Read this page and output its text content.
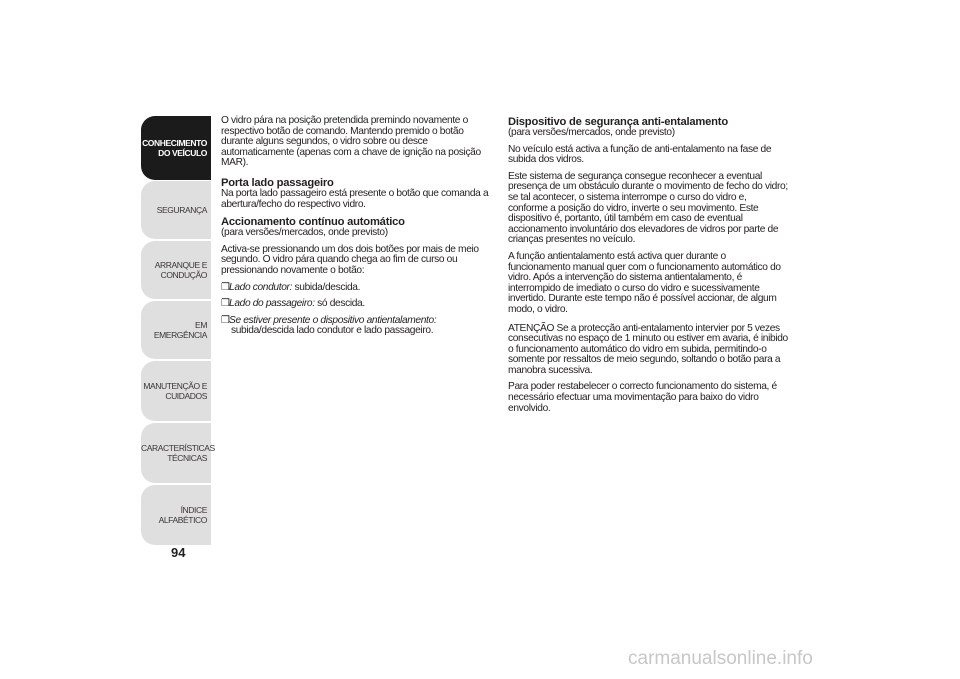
CONHECIMENTO
DO VEÍCULO
SEGURANÇA
ARRANQUE E
CONDUÇÃO
EM EMERGÊNCIA
MANUTENÇÃO E
CUIDADOS
CARACTERÍSTICAS
TÉCNICAS
ÍNDICE ALFABÉTICO
94

O vidro pára na posição pretendida premindo novamente o respectivo botão de comando. Mantendo premido o botão durante alguns segundos, o vidro sobre ou desce automaticamente (apenas com a chave de ignição na posição MAR).

Porta lado passageiro

Na porta lado passageiro está presente o botão que comanda a abertura/fecho do respectivo vidro.

Accionamento contínuo automático

(para versões/mercados, onde previsto)

Activa-se pressionando um dos dois botões por mais de meio segundo. O vidro pára quando chega ao fim de curso ou pressionando novamente o botão:

❒Lado condutor: subida/descida.

❒Lado do passageiro: só descida.

❒Se estiver presente o dispositivo antientalamento: subida/descida lado condutor e lado passageiro.

Dispositivo de segurança anti-entalamento

(para versões/mercados, onde previsto)

No veículo está activa a função de anti-entalamento na fase de subida dos vidros.

Este sistema de segurança consegue reconhecer a eventual presença de um obstáculo durante o movimento de fecho do vidro; se tal acontecer, o sistema interrompe o curso do vidro e, conforme a posição do vidro, inverte o seu movimento. Este dispositivo é, portanto, útil também em caso de eventual accionamento involuntário dos elevadores de vidros por parte de crianças presentes no veículo.

A função antientalamento está activa quer durante o funcionamento manual quer com o funcionamento automático do vidro. Após a intervenção do sistema antientalamento, é interrompido de imediato o curso do vidro e sucessivamente invertido. Durante este tempo não é possível accionar, de algum modo, o vidro.

ATENÇÃO Se a protecção anti-entalamento intervier por 5 vezes consecutivas no espaço de 1 minuto ou estiver em avaria, é inibido o funcionamento automático do vidro em subida, permitindo-o somente por ressaltos de meio segundo, soltando o botão para a manobra sucessiva.

Para poder restabelecer o correcto funcionamento do sistema, é necessário efectuar uma movimentação para baixo do vidro envolvido.

carmanualsonline.info
